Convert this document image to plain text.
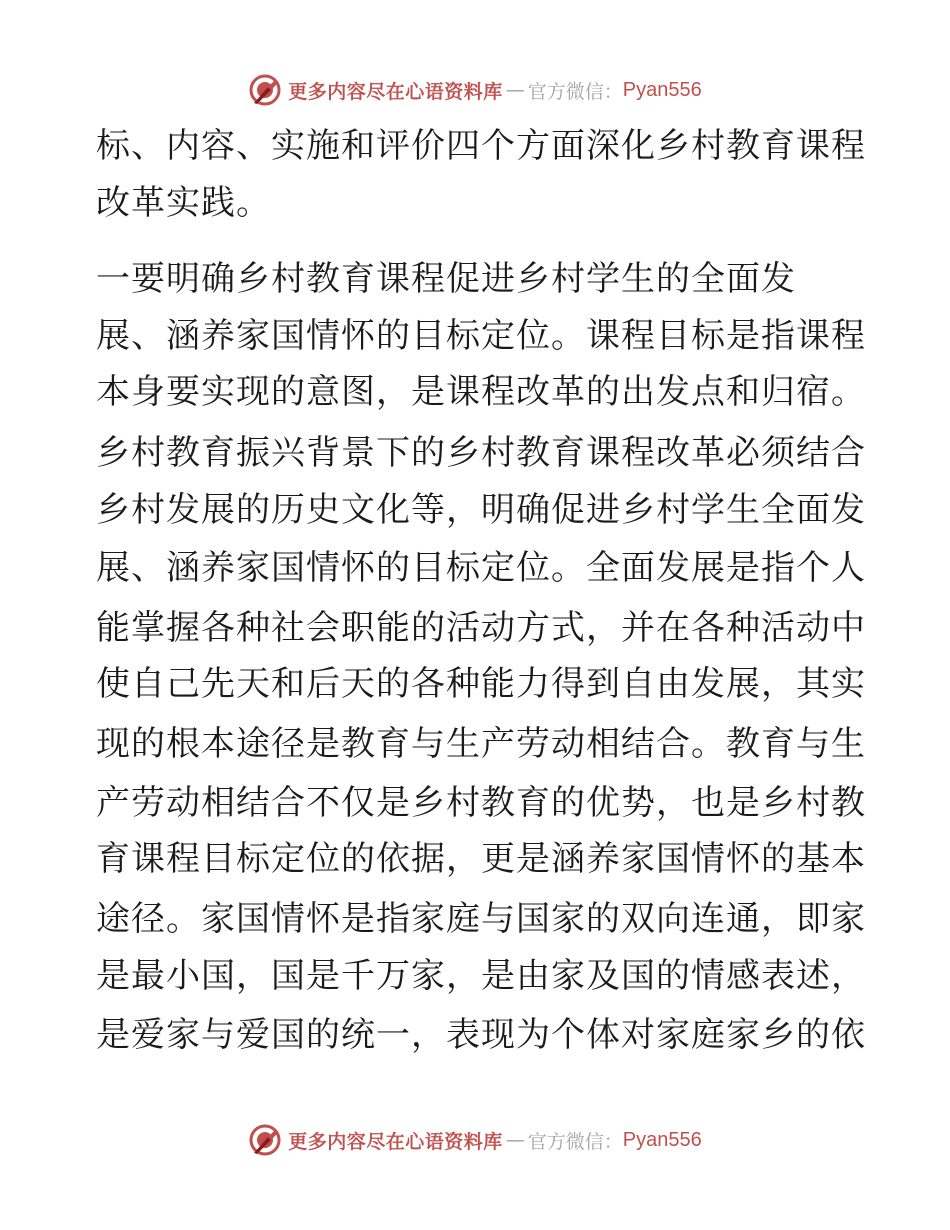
更多内容尽在心语资料库 — 官方微信： Pyan556
标、内容、实施和评价四个方面深化乡村教育课程
改革实践。
一要明确乡村教育课程促进乡村学生的全面发
展、涵养家国情怀的目标定位。课程目标是指课程
本身要实现的意图，是课程改革的出发点和归宿。
乡村教育振兴背景下的乡村教育课程改革必须结合
乡村发展的历史文化等，明确促进乡村学生全面发
展、涵养家国情怀的目标定位。全面发展是指个人
能掌握各种社会职能的活动方式，并在各种活动中
使自己先天和后天的各种能力得到自由发展，其实
现的根本途径是教育与生产劳动相结合。教育与生
产劳动相结合不仅是乡村教育的优势，也是乡村教
育课程目标定位的依据，更是涵养家国情怀的基本
途径。家国情怀是指家庭与国家的双向连通，即家
是最小国，国是千万家，是由家及国的情感表述，
是爱家与爱国的统一，表现为个体对家庭家乡的依
更多内容尽在心语资料库 — 官方微信： Pyan556
